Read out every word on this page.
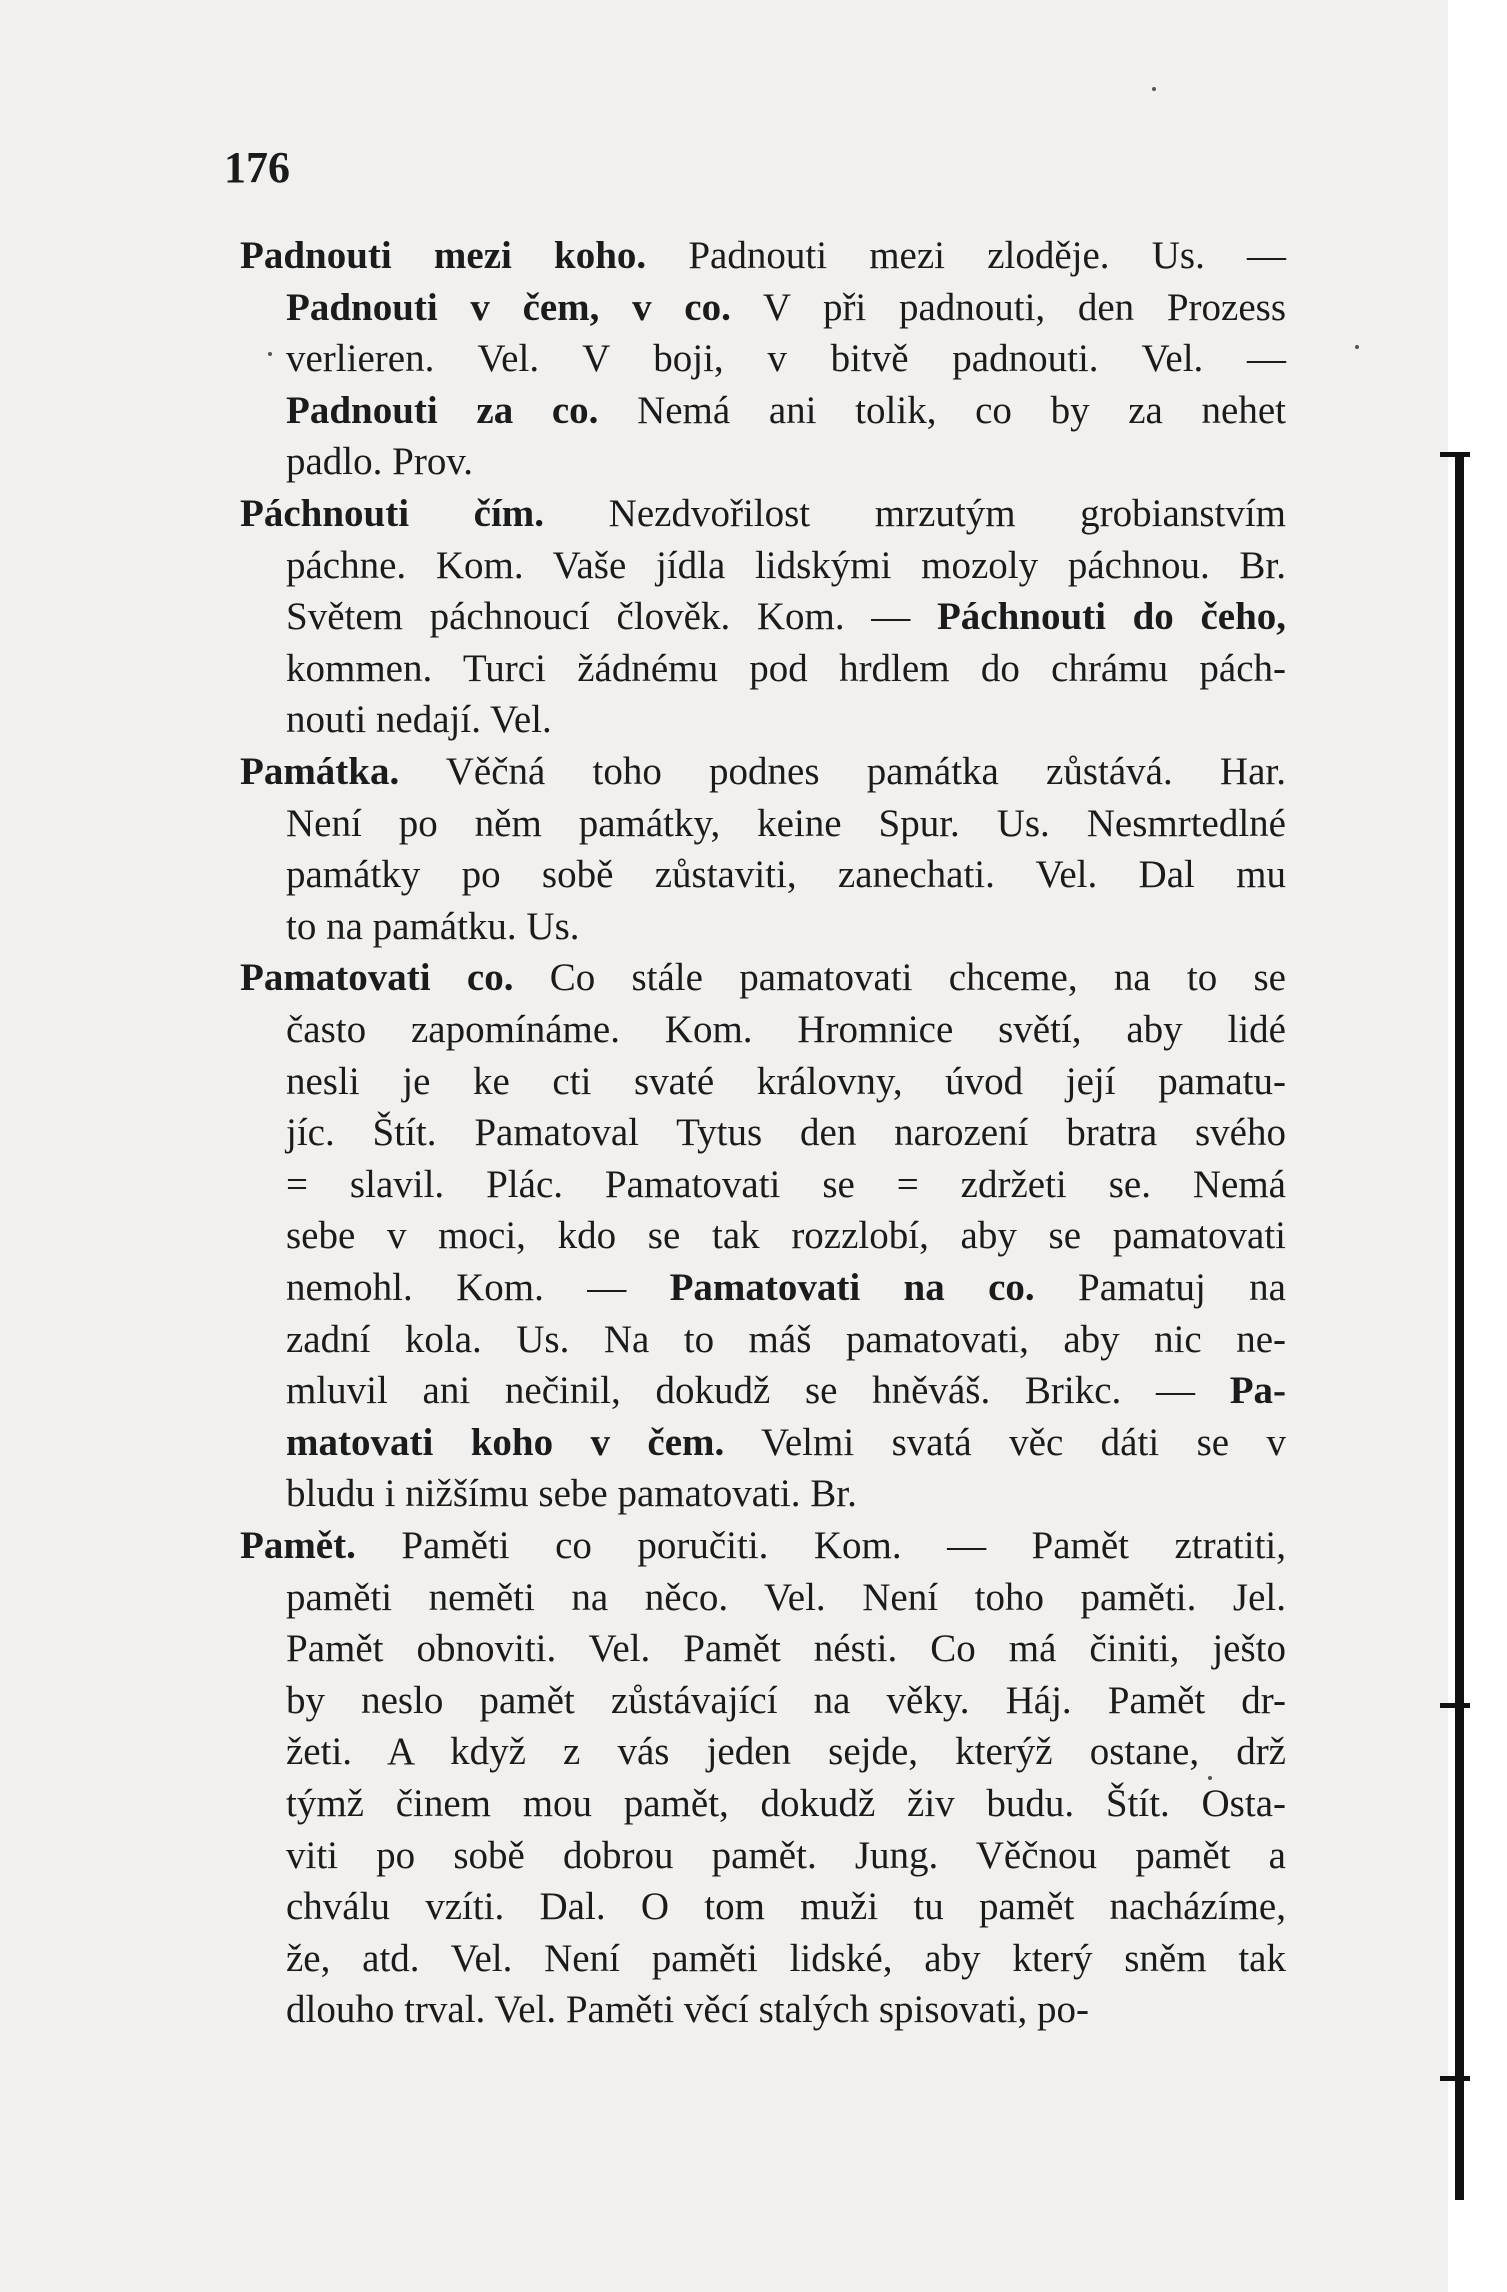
176
Padnouti mezi koho. Padnouti mezi zloděje. Us. —
Padnouti v čem, v co. V při padnouti, den Prozess
verlieren. Vel. V boji, v bitvě padnouti. Vel. —
Padnouti za co. Nemá ani tolik, co by za nehet
padlo. Prov.
Páchnouti čím. Nezdvořilost mrzutým grobianstvím
páchne. Kom. Vaše jídla lidskými mozoly páchnou. Br.
Světem páchnoucí člověk. Kom. — Páchnouti do čeho,
kommen. Turci žádnému pod hrdlem do chrámu pách-
nouti nedají. Vel.
Památka. Věčná toho podnes památka zůstává. Har.
Není po něm památky, keine Spur. Us. Nesmrtedlné
památky po sobě zůstaviti, zanechati. Vel. Dal mu
to na památku. Us.
Pamatovati co. Co stále pamatovati chceme, na to se
často zapomínáme. Kom. Hromnice světí, aby lidé
nesli je ke cti svaté královny, úvod její pamatu-
jíc. Štít. Pamatoval Tytus den narození bratra svého
= slavil. Plác. Pamatovati se = zdržeti se. Nemá
sebe v moci, kdo se tak rozzlobí, aby se pamatovati
nemohl. Kom. — Pamatovati na co. Pamatuj na
zadní kola. Us. Na to máš pamatovati, aby nic ne-
mluvil ani nečinil, dokudž se hněváš. Brikc. — Pa-
matovati koho v čem. Velmi svatá věc dáti se v
bludu i nižšímu sebe pamatovati. Br.
Pamět. Paměti co poručiti. Kom. — Pamět ztratiti,
paměti neměti na něco. Vel. Není toho paměti. Jel.
Pamět obnoviti. Vel. Pamět nésti. Co má činiti, ješto
by neslo pamět zůstávající na věky. Háj. Pamět dr-
žeti. A když z vás jeden sejde, kterýž ostane, drž
týmž činem mou pamět, dokudž živ budu. Štít. Osta-
viti po sobě dobrou pamět. Jung. Věčnou pamět a
chválu vzíti. Dal. O tom muži tu pamět nacházíme,
že, atd. Vel. Není paměti lidské, aby který sněm tak
dlouho trval. Vel. Paměti věcí stalých spisovati, po-
